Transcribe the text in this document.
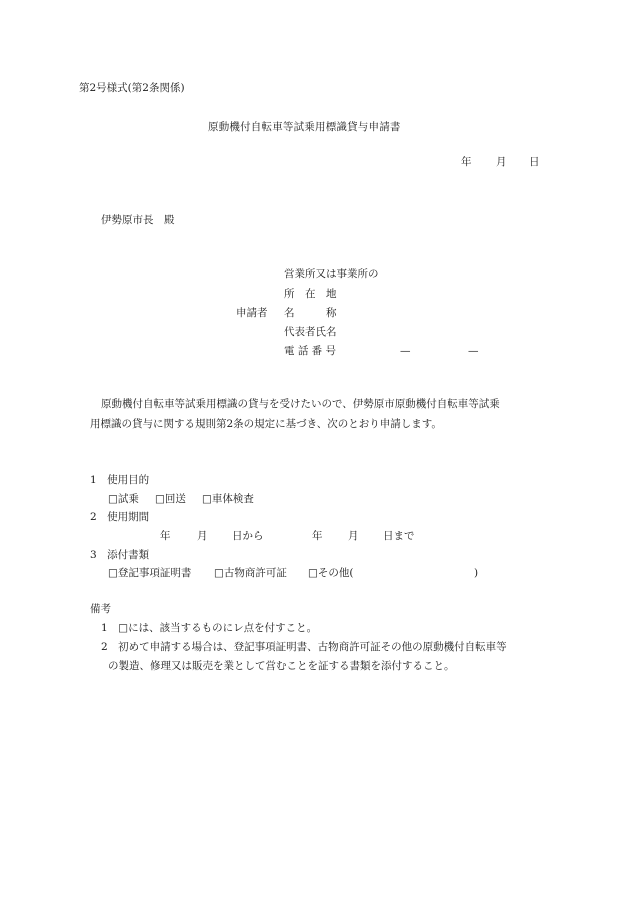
第2号様式(第2条関係)
原動機付自転車等試乗用標識貸与申請書
年 月 日
伊勢原市長　殿
営業所又は事業所の
所　在　地
申請者 名　　　称
代表者氏名
電 話 番 号	—	—
原動機付自転車等試乗用標識の貸与を受けたいので、伊勢原市原動機付自転車等試乗
用標識の貸与に関する規則第2条の規定に基づき、次のとおり申請します。
1　使用目的
□試乗 □回送 □車体検査
2　使用期間
年	月 日から	年 月 日まで
3　添付書類
□登記事項証明書 □古物商許可証 □その他(	)
備考
1　□には、該当するものにレ点を付すこと。
2　初めて申請する場合は、登記事項証明書、古物商許可証その他の原動機付自転車等
の製造、修理又は販売を業として営むことを証する書類を添付すること。
